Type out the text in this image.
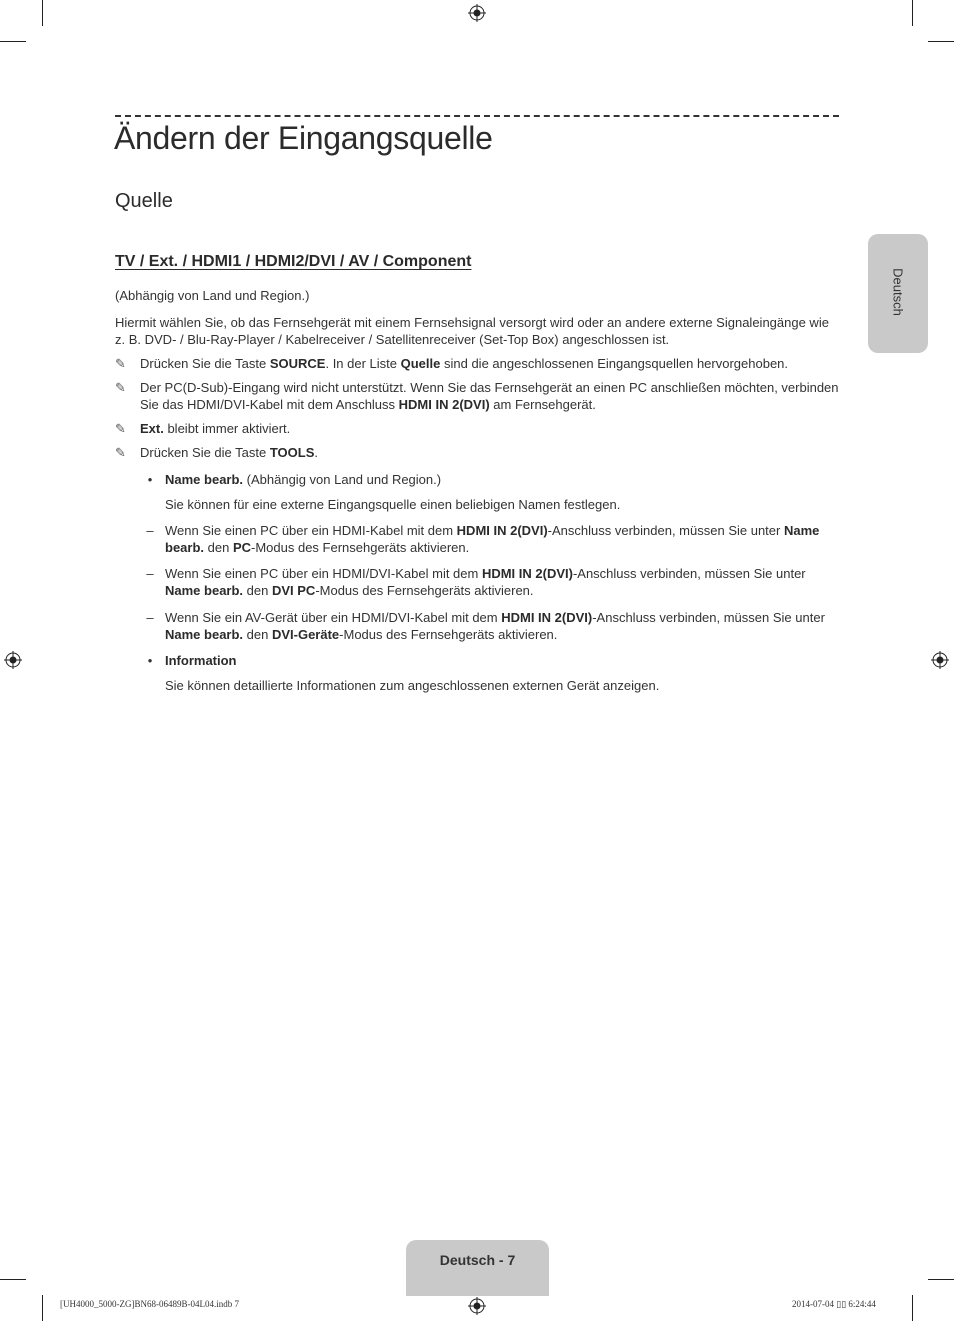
Ändern der Eingangsquelle
Quelle
TV / Ext. / HDMI1 / HDMI2/DVI / AV / Component

(Abhängig von Land und Region.)

Hiermit wählen Sie, ob das Fernsehgerät mit einem Fernsehsignal versorgt wird oder an andere externe Signaleingänge wie z. B. DVD- / Blu-Ray-Player / Kabelreceiver / Satellitenreceiver (Set-Top Box) angeschlossen ist.

✎	Drücken Sie die Taste SOURCE. In der Liste Quelle sind die angeschlossenen Eingangsquellen hervorgehoben.
✎	Der PC(D-Sub)-Eingang wird nicht unterstützt. Wenn Sie das Fernsehgerät an einen PC anschließen möchten, verbinden Sie das HDMI/DVI-Kabel mit dem Anschluss HDMI IN 2(DVI) am Fernsehgerät.
✎	Ext. bleibt immer aktiviert.
✎	Drücken Sie die Taste TOOLS.
• Name bearb. (Abhängig von Land und Region.)
Sie können für eine externe Eingangsquelle einen beliebigen Namen festlegen.
– Wenn Sie einen PC über ein HDMI-Kabel mit dem HDMI IN 2(DVI)-Anschluss verbinden, müssen Sie unter Name bearb. den PC-Modus des Fernsehgeräts aktivieren.
– Wenn Sie einen PC über ein HDMI/DVI-Kabel mit dem HDMI IN 2(DVI)-Anschluss verbinden, müssen Sie unter Name bearb. den DVI PC-Modus des Fernsehgeräts aktivieren.
– Wenn Sie ein AV-Gerät über ein HDMI/DVI-Kabel mit dem HDMI IN 2(DVI)-Anschluss verbinden, müssen Sie unter Name bearb. den DVI-Geräte-Modus des Fernsehgeräts aktivieren.
• Information
Sie können detaillierte Informationen zum angeschlossenen externen Gerät anzeigen.
Deutsch
Deutsch - 7
[UH4000_5000-ZG]BN68-06489B-04L04.indb 7	2014-07-04 ▯▯ 6:24:44
